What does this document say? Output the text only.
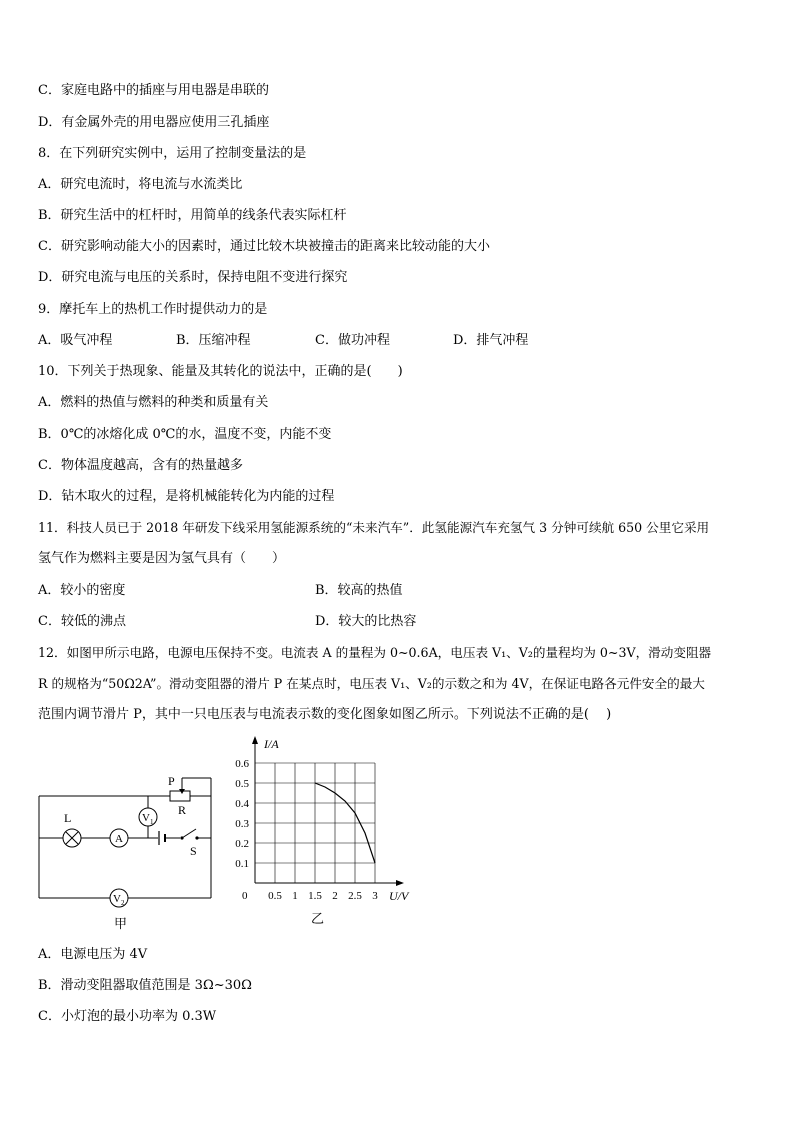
C．家庭电路中的插座与用电器是串联的
D．有金属外壳的用电器应使用三孔插座
8．在下列研究实例中，运用了控制变量法的是
A．研究电流时，将电流与水流类比
B．研究生活中的杠杆时，用简单的线条代表实际杠杆
C．研究影响动能大小的因素时，通过比较木块被撞击的距离来比较动能的大小
D．研究电流与电压的关系时，保持电阻不变进行探究
9．摩托车上的热机工作时提供动力的是
A．吸气冲程	B．压缩冲程	C．做功冲程	D．排气冲程
10．下列关于热现象、能量及其转化的说法中，正确的是(　　)
A．燃料的热值与燃料的种类和质量有关
B．0℃的冰熔化成 0℃的水，温度不变，内能不变
C．物体温度越高，含有的热量越多
D．钻木取火的过程，是将机械能转化为内能的过程
11．科技人员已于 2018 年研发下线采用氢能源系统的“未来汽车”．此氢能源汽车充氢气 3 分钟可续航 650 公里它采用
氢气作为燃料主要是因为氢气具有（　　）
A．较小的密度	B．较高的热值
C．较低的沸点	D．较大的比热容
12．如图甲所示电路，电源电压保持不变。电流表 A 的量程为 0~0.6A，电压表 V₁、V₂的量程均为 0~3V，滑动变阻器
R 的规格为“50Ω2A”。滑动变阻器的滑片 P 在某点时，电压表 V₁、V₂的示数之和为 4V，在保证电路各元件安全的最大
范围内调节滑片 P，其中一只电压表与电流表示数的变化图象如图乙所示。下列说法不正确的是(　 )
P
R
L
A
V 1
S
V 2
甲
0.5 1 1.5 2 2.5 3
0.1
0.2
0.3
0.4
0.5
0.6
I/A
U/V
0
乙
A．电源电压为 4V
B．滑动变阻器取值范围是 3Ω~30Ω
C．小灯泡的最小功率为 0.3W
